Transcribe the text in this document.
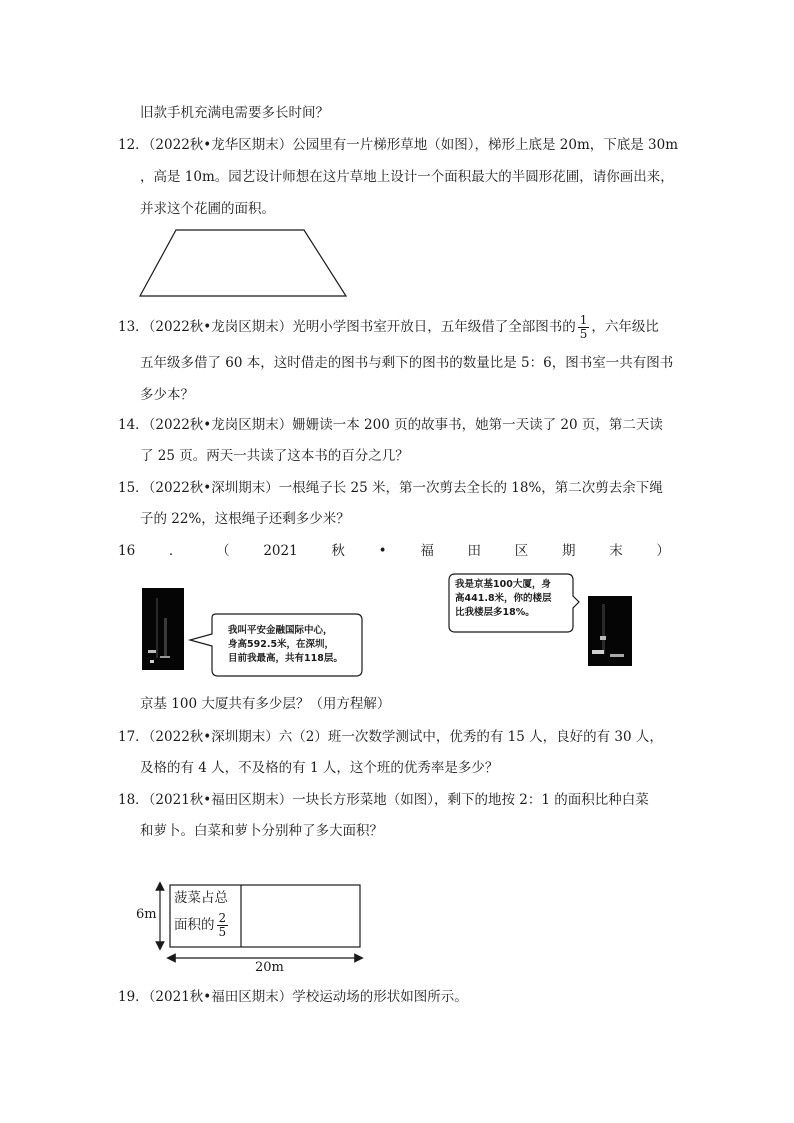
旧款手机充满电需要多长时间？
12．（2022秋•龙华区期末）公园里有一片梯形草地（如图），梯形上底是 20m，下底是 30m
，高是 10m。园艺设计师想在这片草地上设计一个面积最大的半圆形花圃，请你画出来，
并求这个花圃的面积。
13．（2022秋•龙岗区期末）光明小学图书室开放日，五年级借了全部图书的 $\frac{1}{5}$ ，六年级比
五年级多借了 60 本，这时借走的图书与剩下的图书的数量比是 5：6，图书室一共有图书
多少本？
14．（2022秋•龙岗区期末）姗姗读一本 200 页的故事书，她第一天读了 20 页，第二天读
了 25 页。两天一共读了这本书的百分之几？
15．（2022秋•深圳期末）一根绳子长 25 米，第一次剪去全长的 18%，第二次剪去余下绳
子的 22%，这根绳子还剩多少米？
16 ． （ 2021 秋 • 福 田 区 期 末 ）
我叫平安金融国际中心，
身高592.5米，在深圳，
目前我最高，共有118层。
我是京基100大厦，身
高441.8米，你的楼层
比我楼层多18%。
京基 100 大厦共有多少层？（用方程解）
17．（2022秋•深圳期末）六（2）班一次数学测试中，优秀的有 15 人，良好的有 30 人，
及格的有 4 人，不及格的有 1 人，这个班的优秀率是多少？
18．（2021秋•福田区期末）一块长方形菜地（如图），剩下的地按 2：1 的面积比种白菜
和萝卜。白菜和萝卜分别种了多大面积？
菠菜占总
面积的 $\frac{2}{5}$
6m
20m
19．（2021秋•福田区期末）学校运动场的形状如图所示。
